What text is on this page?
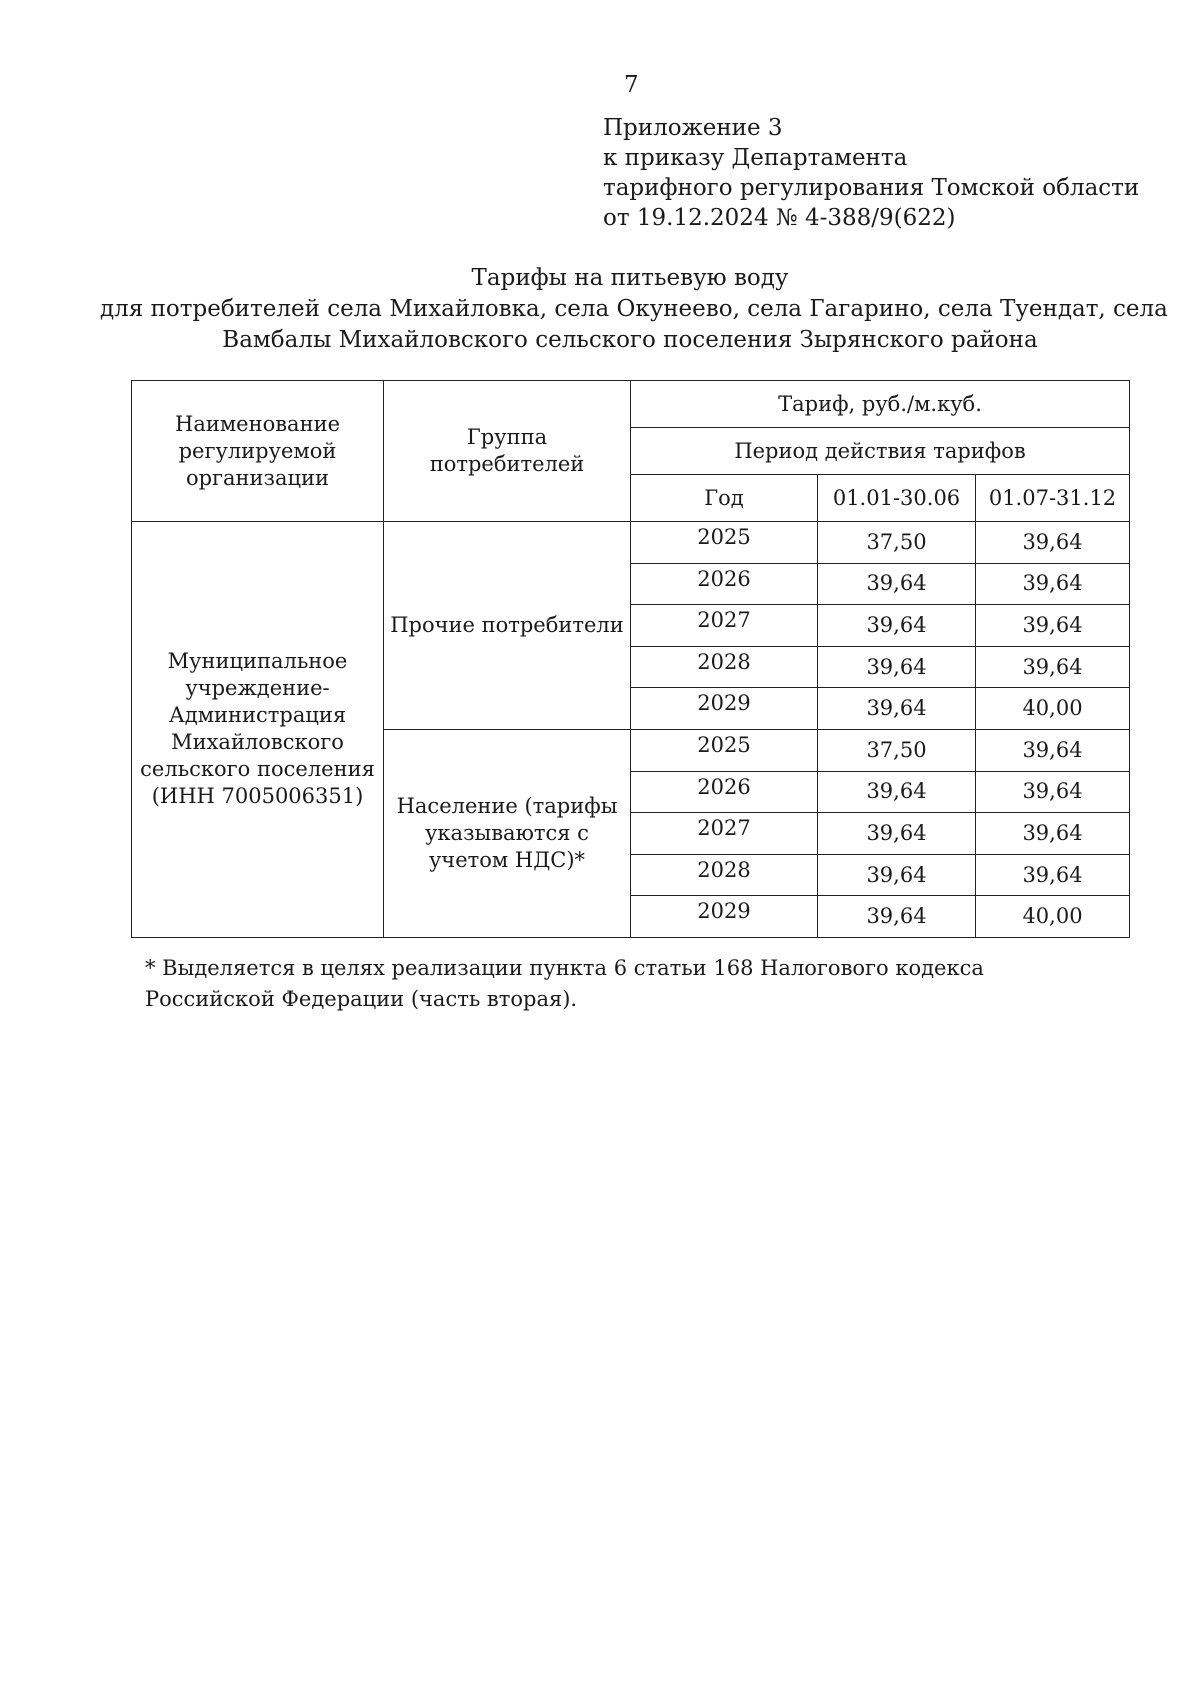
7
Приложение 3
к приказу Департамента
тарифного регулирования Томской области
от 19.12.2024 № 4-388/9(622)
Тарифы на питьевую воду
для потребителей села Михайловка, села Окунеево, села Гагарино, села Туендат, села
Вамбалы Михайловского сельского поселения Зырянского района
Наименование регулируемой организации	Группа потребителей	Тариф, руб./м.куб.		
		Период действия тарифов		
		Год	01.01-30.06	01.07-31.12
Муниципальное учреждение-Администрация Михайловского сельского поселения (ИНН 7005006351)	Прочие потребители	2025	37,50	39,64
		2026	39,64	39,64
		2027	39,64	39,64
		2028	39,64	39,64
		2029	39,64	40,00
	Население (тарифы указываются с учетом НДС)*	2025	37,50	39,64
		2026	39,64	39,64
		2027	39,64	39,64
		2028	39,64	39,64
		2029	39,64	40,00
* Выделяется в целях реализации пункта 6 статьи 168 Налогового кодекса Российской Федерации (часть вторая).
